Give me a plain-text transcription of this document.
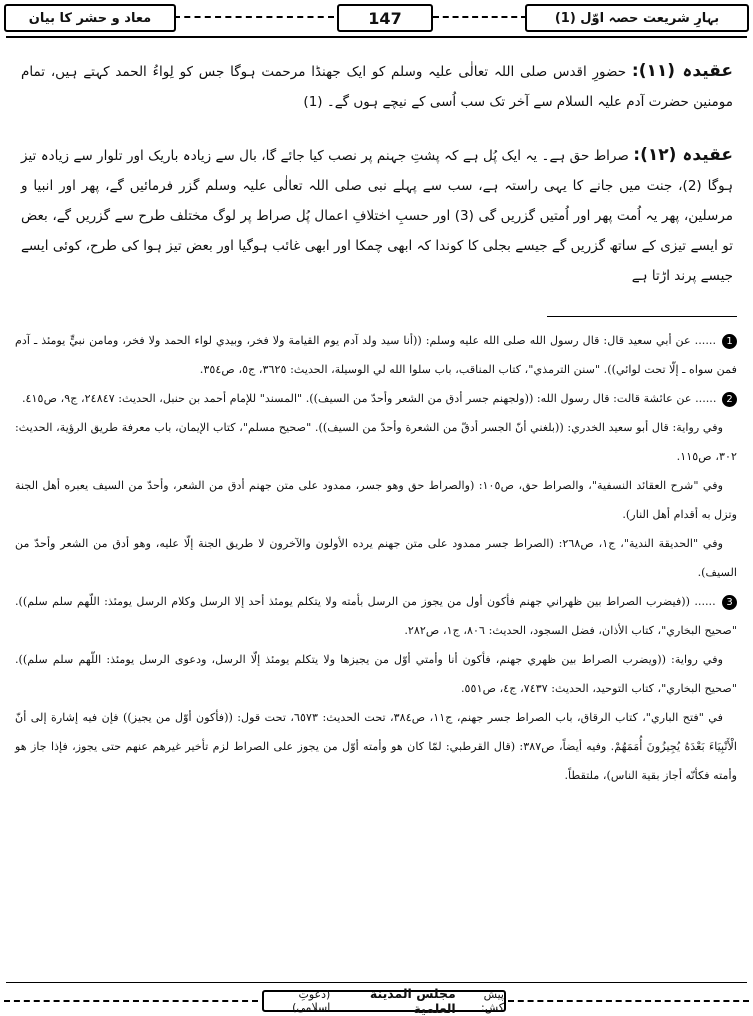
بہارِ شریعت حصہ اوّل (1)
147
معاد و حشر کا بیان
عقیدہ (۱۱): حضورِ اقدس صلی اللہ تعالٰی علیہ وسلم کو ایک جھنڈا مرحمت ہوگا جس کو لِواءُ الحمد کہتے ہیں، تمام مومنین حضرت آدم علیہ السلام سے آخر تک سب اُسی کے نیچے ہوں گے۔ (1)
عقیدہ (۱۲): صراط حق ہے۔ یہ ایک پُل ہے کہ پشتِ جہنم پر نصب کیا جائے گا، بال سے زیادہ باریک اور تلوار سے زیادہ تیز ہوگا (2)، جنت میں جانے کا یہی راستہ ہے، سب سے پہلے نبی صلی اللہ تعالٰی علیہ وسلم گزر فرمائیں گے، پھر اور انبیا و مرسلین، پھر یہ اُمت پھر اور اُمتیں گزریں گی (3) اور حسبِ اختلافِ اعمال پُل صراط پر لوگ مختلف طرح سے گزریں گے، بعض تو ایسے تیزی کے ساتھ گزریں گے جیسے بجلی کا کوندا کہ ابھی چمکا اور ابھی غائب ہوگیا اور بعض تیز ہوا کی طرح، کوئی ایسے جیسے پرند اڑتا ہے

1 ...... عن أبي سعيد قال: قال رسول الله صلى الله عليه وسلم: ((أنا سيد ولد آدم يوم القيامة ولا فخر، وبيدي لواء الحمد ولا فخر، ومامن نبيٍّ يومئذ ـ آدم فمن سواه ـ إلّا تحت لوائي)). "سنن الترمذي"، كتاب المناقب، باب سلوا الله لي الوسيلة، الحديث: ٣٦٢٥، ج٥، ص٣٥٤.

2 ...... عن عائشة قالت: قال رسول الله: ((ولجهنم جسر أدق من الشعر وأحدّ من السيف)). "المسند" للإمام أحمد بن حنبل، الحديث: ٢٤٨٤٧، ج٩، ص٤١٥.

وفي رواية: قال أبو سعيد الخدري: ((بلغني أنّ الجسر أدقّ من الشعرة وأحدّ من السيف)). "صحيح مسلم"، كتاب الإيمان، باب معرفة طريق الرؤية، الحديث: ٣٠٢، ص١١٥.

وفي "شرح العقائد النسفية"، والصراط حق، ص١٠٥: (والصراط حق وهو جسر، ممدود على متن جهنم أدق من الشعر، وأحدّ من السيف يعبره أهل الجنة وتزل به أقدام أهل النار).

وفي "الحديقة الندية"، ج١، ص٢٦٨: (الصراط جسر ممدود على متن جهنم يرده الأولون والآخرون لا طريق الجنة إلّا عليه، وهو أدق من الشعر وأحدّ من السيف).

3 ...... ((فيضرب الصراط بين ظهراني جهنم فأكون أول من يجوز من الرسل بأمته ولا يتكلم يومئذ أحد إلا الرسل وكلام الرسل يومئذ: اللّهم سلم سلم)). "صحيح البخاري"، كتاب الأذان، فضل السجود، الحديث: ٨٠٦، ج١، ص٢٨٢.

وفي رواية: ((ويضرب الصراط بين ظهري جهنم، فأكون أنا وأمتي أوّل من يجيزها ولا يتكلم يومئذ إلّا الرسل، ودعوى الرسل يومئذ: اللّهم سلم سلم)). "صحيح البخاري"، كتاب التوحيد، الحديث: ٧٤٣٧، ج٤، ص٥٥١.

في "فتح الباري"، كتاب الرقاق، باب الصراط جسر جهنم، ج١١، ص٣٨٤، تحت الحديث: ٦٥٧٣، تحت قول: ((فأكون أوّل من يجيز)) فإن فيه إشارة إلى أنّ الْأَنْبِيَاءَ بَعْدَهُ يُجِيزُونَ أُمَمَهُمْ. وفيه أيضاً، ص٣٨٧: (قال القرطبي: لمّا كان هو وأمته أوّل من يجوز على الصراط لزم تأخير غيرهم عنهم حتى يجوز، فإذا جاز هو وأمته فكأنّه أجاز بقية الناس)، ملتقطاً.

پیش کش:
مجلس المدينة العلمية
(دعوتِ اسلامی)
